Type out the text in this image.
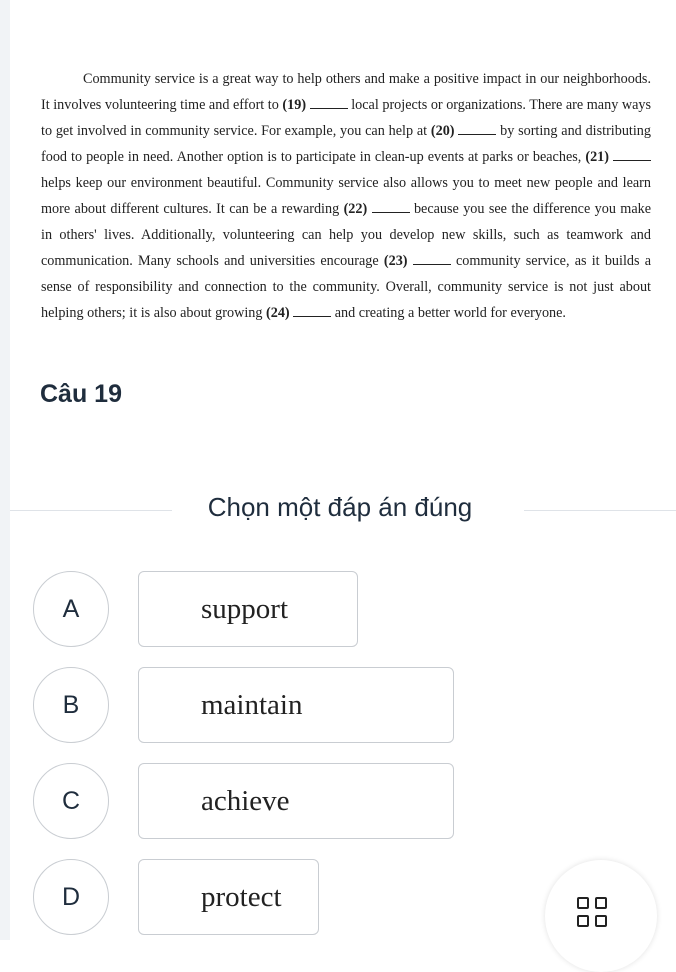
Community service is a great way to help others and make a positive impact in our neighborhoods. It involves volunteering time and effort to (19)	local projects or organizations. There are many ways to get involved in community service. For example, you can help at (20)	by sorting and distributing food to people in need. Another option is to participate in clean-up events at parks or beaches, (21)  helps keep our environment beautiful. Community service also allows you to meet new people and learn more about different cultures. It can be a rewarding (22)	because you see the difference you make in others' lives. Additionally, volunteering can help you develop new skills, such as teamwork and communication. Many schools and universities encourage (23)	community service, as it builds a sense of responsibility and connection to the community. Overall, community service is not just about helping others; it is also about growing (24)	and creating a better world for everyone.
Câu 19
Chọn một đáp án đúng
A	support
B	maintain
C	achieve
D	protect
